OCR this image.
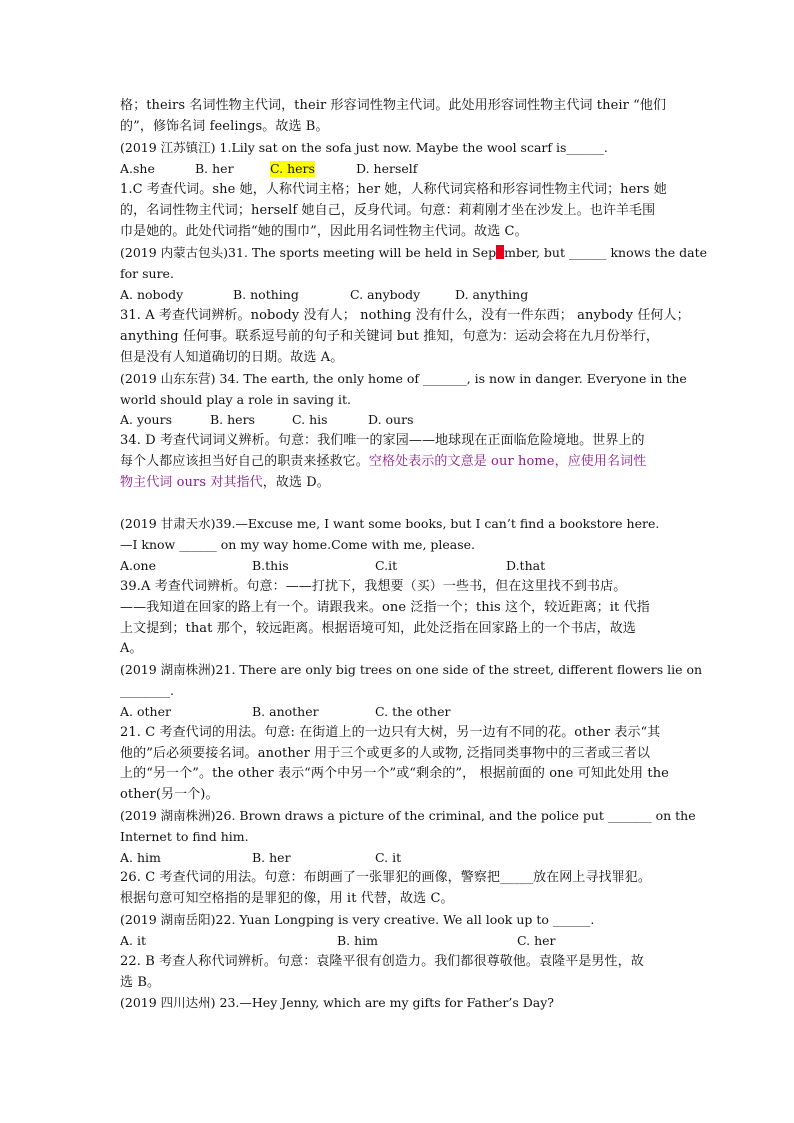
格；theirs 名词性物主代词，their 形容词性物主代词。此处用形容词性物主代词 their “他们
的”，修饰名词 feelings。故选 B。
(2019 江苏镇江) 1.Lily sat on the sofa just now. Maybe the wool scarf is______.
A.she	B. her	C. hers	D. herself
1.C 考查代词。she 她，人称代词主格；her 她，人称代词宾格和形容词性物主代词；hers 她
的，名词性物主代词；herself 她自己，反身代词。句意：莉莉刚才坐在沙发上。也许羊毛围
巾是她的。此处代词指“她的围巾”，因此用名词性物主代词。故选 C。
(2019 内蒙古包头)31. The sports meeting will be held in Sep mber, but ______ knows the date
for sure.
A. nobody	B. nothing	C. anybody	D. anything
31. A 考查代词辨析。nobody 没有人； nothing 没有什么，没有一件东西； anybody 任何人；
anything 任何事。联系逗号前的句子和关键词 but 推知，句意为：运动会将在九月份举行，
但是没有人知道确切的日期。故选 A。
(2019 山东东营) 34. The earth, the only home of _______, is now in danger. Everyone in the
world should play a role in saving it.
A. yours	B. hers	C. his	D. ours
34. D 考查代词词义辨析。句意：我们唯一的家园——地球现在正面临危险境地。世界上的
每个人都应该担当好自己的职责来拯救它。空格处表示的文意是 our home，应使用名词性
物主代词 ours 对其指代，故选 D。
(2019 甘肃天水)39.—Excuse me, I want some books, but I can’t find a bookstore here.
—I know ______ on my way home.Come with me, please.
A.one	B.this	C.it	D.that
39.A 考查代词辨析。句意：——打扰下，我想要（买）一些书，但在这里找不到书店。
——我知道在回家的路上有一个。请跟我来。one 泛指一个；this 这个，较近距离；it 代指
上文提到；that 那个，较远距离。根据语境可知，此处泛指在回家路上的一个书店，故选
A。
(2019 湖南株洲)21. There are only big trees on one side of the street, different flowers lie on
________.
A. other	B. another	C. the other
21. C 考查代词的用法。句意: 在街道上的一边只有大树，另一边有不同的花。other 表示“其
他的”后必须要接名词。another 用于三个或更多的人或物, 泛指同类事物中的三者或三者以
上的“另一个”。the other 表示“两个中另一个”或“剩余的”， 根据前面的 one 可知此处用 the
other(另一个)。
(2019 湖南株洲)26. Brown draws a picture of the criminal, and the police put _______ on the
Internet to find him.
A. him	B. her	C. it
26. C 考查代词的用法。句意：布朗画了一张罪犯的画像，警察把_____放在网上寻找罪犯。
根据句意可知空格指的是罪犯的像，用 it 代替，故选 C。
(2019 湖南岳阳)22. Yuan Longping is very creative. We all look up to ______.
A. it	B. him	C. her
22. B 考查人称代词辨析。句意：袁隆平很有创造力。我们都很尊敬他。袁隆平是男性，故
选 B。
(2019 四川达州) 23.—Hey Jenny, which are my gifts for Father’s Day?
